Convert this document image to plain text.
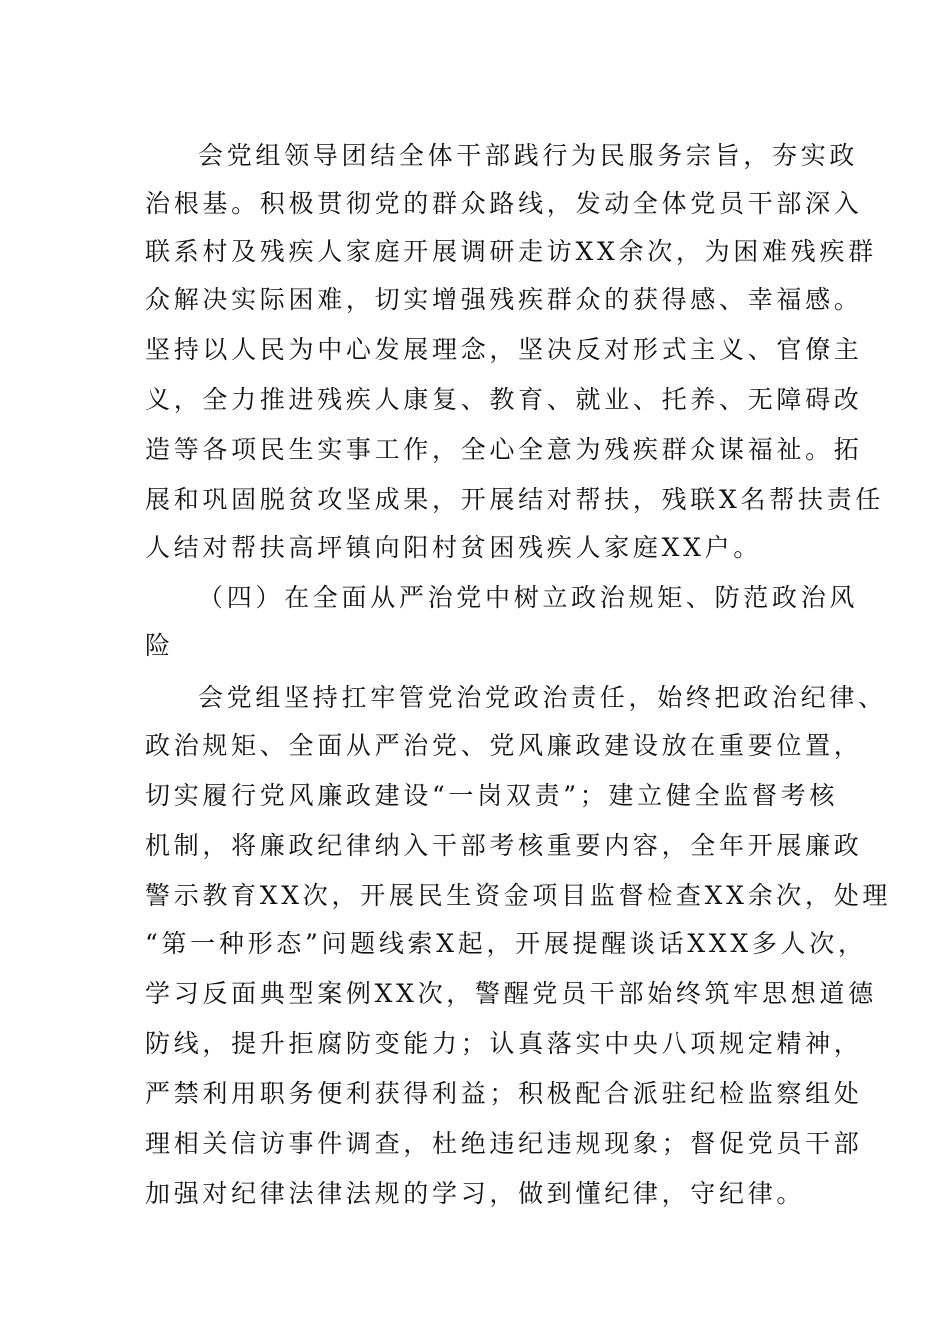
会党组领导团结全体干部践行为民服务宗旨，夯实政
治根基。积极贯彻党的群众路线，发动全体党员干部深入
联系村及残疾人家庭开展调研走访XX余次，为困难残疾群
众解决实际困难，切实增强残疾群众的获得感、幸福感。
坚持以人民为中心发展理念，坚决反对形式主义、官僚主
义，全力推进残疾人康复、教育、就业、托养、无障碍改
造等各项民生实事工作，全心全意为残疾群众谋福祉。拓
展和巩固脱贫攻坚成果，开展结对帮扶，残联X名帮扶责任
人结对帮扶高坪镇向阳村贫困残疾人家庭XX户。
（四）在全面从严治党中树立政治规矩、防范政治风
险
会党组坚持扛牢管党治党政治责任，始终把政治纪律、
政治规矩、全面从严治党、党风廉政建设放在重要位置，
切实履行党风廉政建设“一岗双责”；建立健全监督考核
机制，将廉政纪律纳入干部考核重要内容，全年开展廉政
警示教育XX次，开展民生资金项目监督检查XX余次，处理
“第一种形态”问题线索X起，开展提醒谈话XXX多人次，
学习反面典型案例XX次，警醒党员干部始终筑牢思想道德
防线，提升拒腐防变能力；认真落实中央八项规定精神，
严禁利用职务便利获得利益；积极配合派驻纪检监察组处
理相关信访事件调查，杜绝违纪违规现象；督促党员干部
加强对纪律法律法规的学习，做到懂纪律，守纪律。
